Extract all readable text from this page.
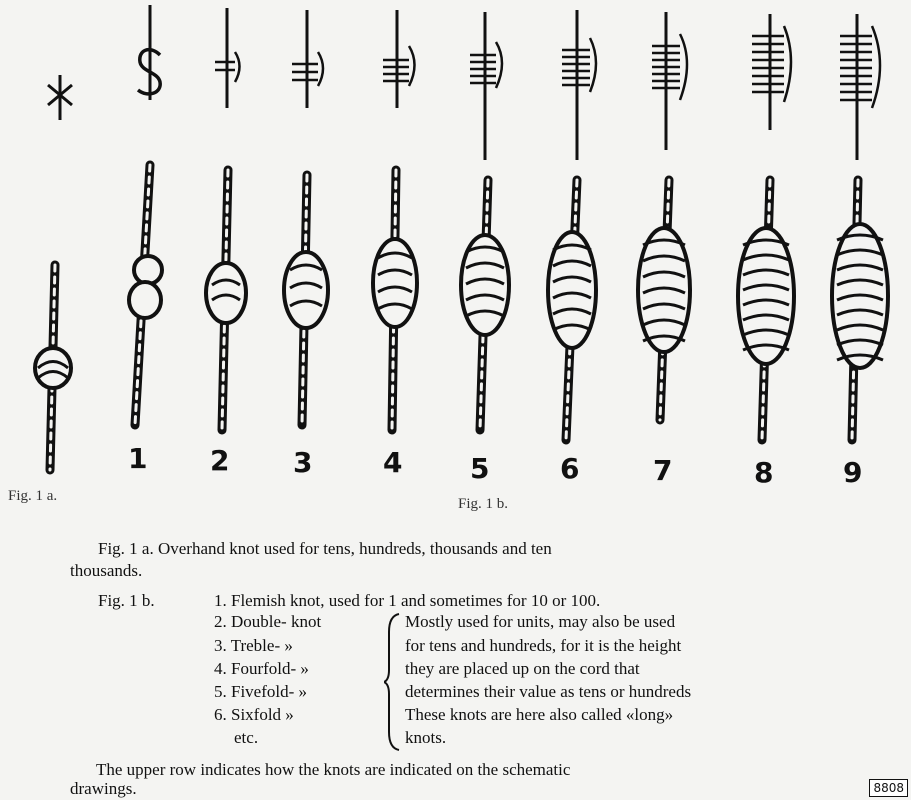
1 2 3	4 5	6	7	8 9
Fig. 1 a.	Fig. 1 b.
Fig. 1 a. Overhand knot used for tens, hundreds, thousands and ten
thousands.
Fig. 1 b.	1. Flemish knot, used for 1 and sometimes for 10 or 100.
2. Double- knot
3. Treble- »
4. Fourfold- »
5. Fivefold- »
6. Sixfold »
etc.
Mostly used for units, may also be used
for tens and hundreds, for it is the height
they are placed up on the cord that
determines their value as tens or hundreds
These knots are here also called «long»
knots.
The upper row indicates how the knots are indicated on the schematic
drawings.	8808
